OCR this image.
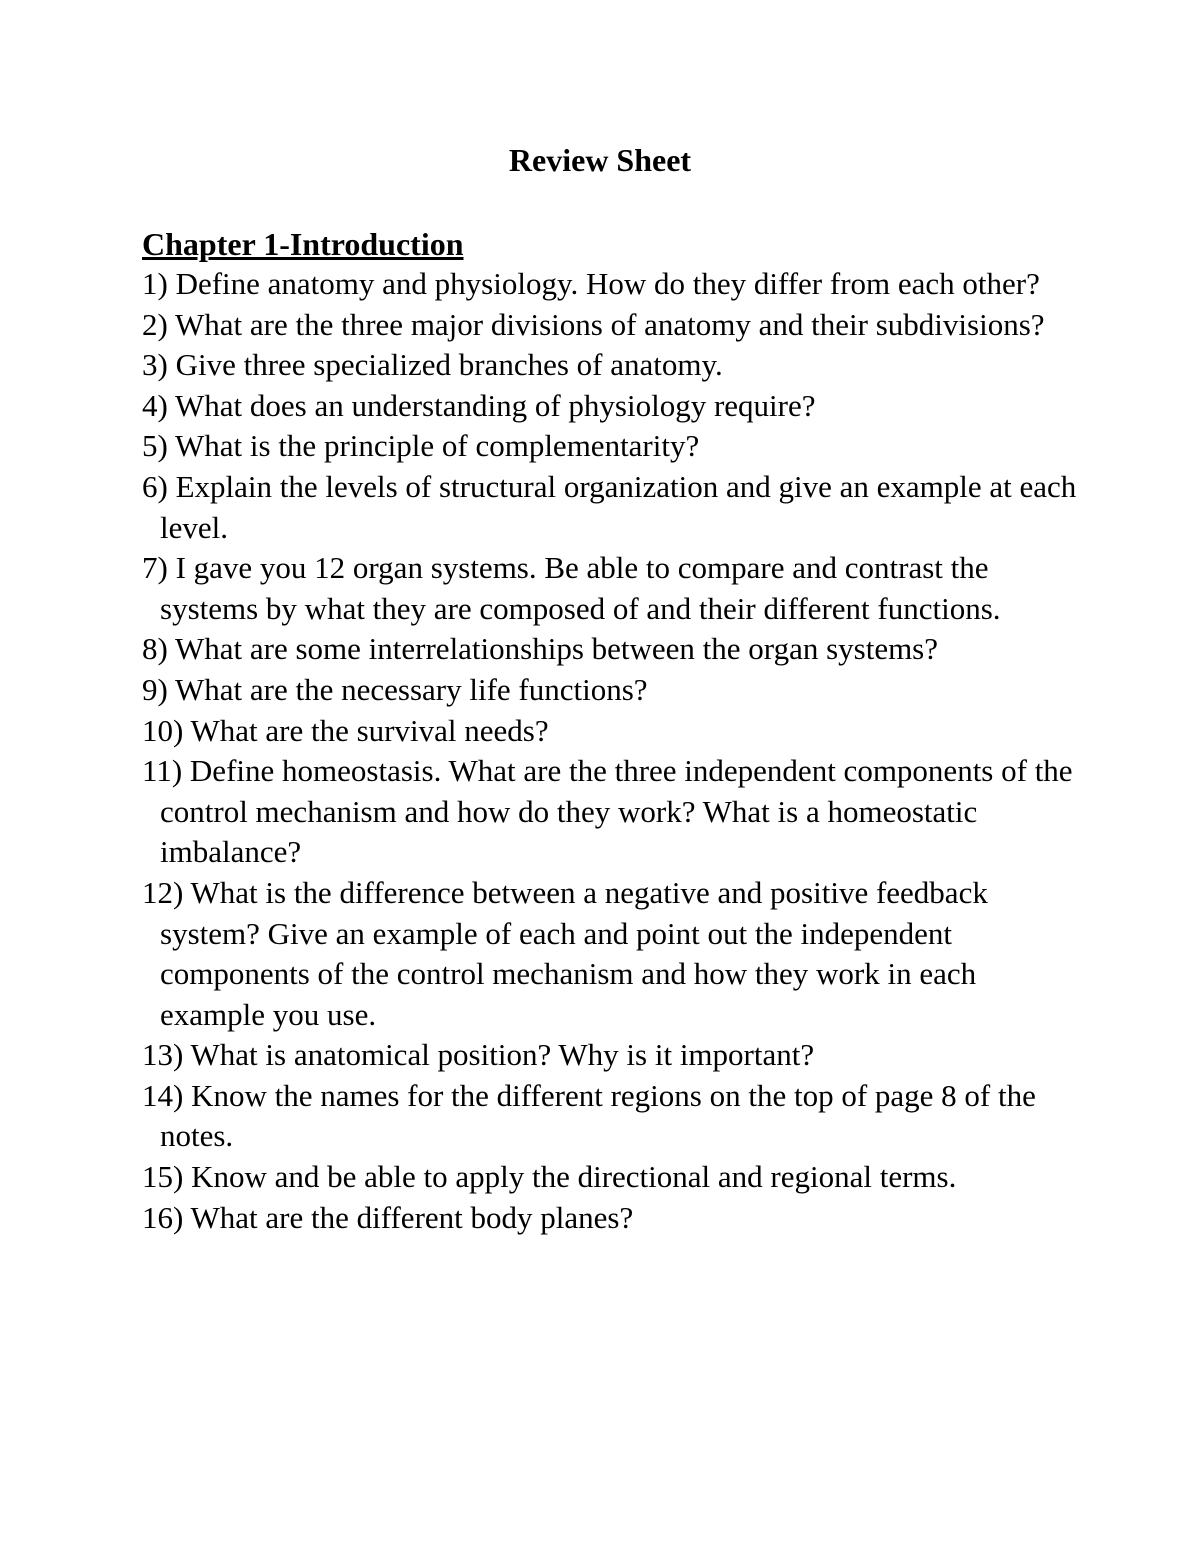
Review Sheet
Chapter 1-Introduction
1) Define anatomy and physiology. How do they differ from each other?
2) What are the three major divisions of anatomy and their subdivisions?
3) Give three specialized branches of anatomy.
4) What does an understanding of physiology require?
5) What is the principle of complementarity?
6) Explain the levels of structural organization and give an example at each level.
7) I gave you 12 organ systems. Be able to compare and contrast the systems by what they are composed of and their different functions.
8) What are some interrelationships between the organ systems?
9) What are the necessary life functions?
10) What are the survival needs?
11) Define homeostasis. What are the three independent components of the control mechanism and how do they work? What is a homeostatic imbalance?
12) What is the difference between a negative and positive feedback system? Give an example of each and point out the independent components of the control mechanism and how they work in each example you use.
13) What is anatomical position? Why is it important?
14) Know the names for the different regions on the top of page 8 of the notes.
15) Know and be able to apply the directional and regional terms.
16) What are the different body planes?
